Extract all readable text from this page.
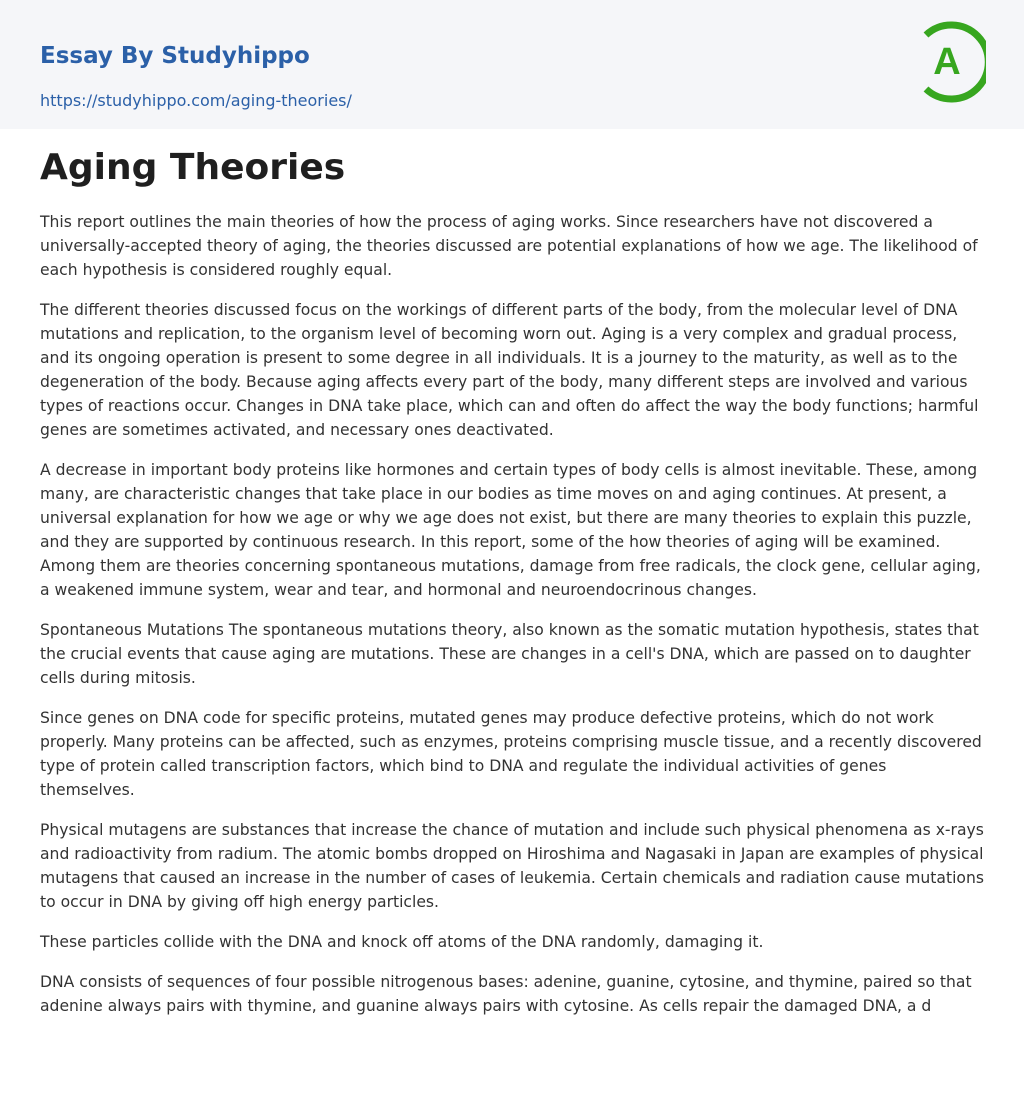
Essay By Studyhippo
https://studyhippo.com/aging-theories/
A
Aging Theories

This report outlines the main theories of how the process of aging works. Since researchers have not discovered a universally-accepted theory of aging, the theories discussed are potential explanations of how we age. The likelihood of each hypothesis is considered roughly equal.

The different theories discussed focus on the workings of different parts of the body, from the molecular level of DNA mutations and replication, to the organism level of becoming worn out. Aging is a very complex and gradual process, and its ongoing operation is present to some degree in all individuals. It is a journey to the maturity, as well as to the degeneration of the body. Because aging affects every part of the body, many different steps are involved and various types of reactions occur. Changes in DNA take place, which can and often do affect the way the body functions; harmful genes are sometimes activated, and necessary ones deactivated.

A decrease in important body proteins like hormones and certain types of body cells is almost inevitable. These, among many, are characteristic changes that take place in our bodies as time moves on and aging continues. At present, a universal explanation for how we age or why we age does not exist, but there are many theories to explain this puzzle, and they are supported by continuous research. In this report, some of the how theories of aging will be examined. Among them are theories concerning spontaneous mutations, damage from free radicals, the clock gene, cellular aging, a weakened immune system, wear and tear, and hormonal and neuroendocrinous changes.

Spontaneous Mutations The spontaneous mutations theory, also known as the somatic mutation hypothesis, states that the crucial events that cause aging are mutations. These are changes in a cell's DNA, which are passed on to daughter cells during mitosis.

Since genes on DNA code for specific proteins, mutated genes may produce defective proteins, which do not work properly. Many proteins can be affected, such as enzymes, proteins comprising muscle tissue, and a recently discovered type of protein called transcription factors, which bind to DNA and regulate the individual activities of genes themselves.

Physical mutagens are substances that increase the chance of mutation and include such physical phenomena as x-rays and radioactivity from radium. The atomic bombs dropped on Hiroshima and Nagasaki in Japan are examples of physical mutagens that caused an increase in the number of cases of leukemia. Certain chemicals and radiation cause mutations to occur in DNA by giving off high energy particles.

These particles collide with the DNA and knock off atoms of the DNA randomly, damaging it.

DNA consists of sequences of four possible nitrogenous bases: adenine, guanine, cytosine, and thymine, paired so that adenine always pairs with thymine, and guanine always pairs with cytosine. As cells repair the damaged DNA, a d
